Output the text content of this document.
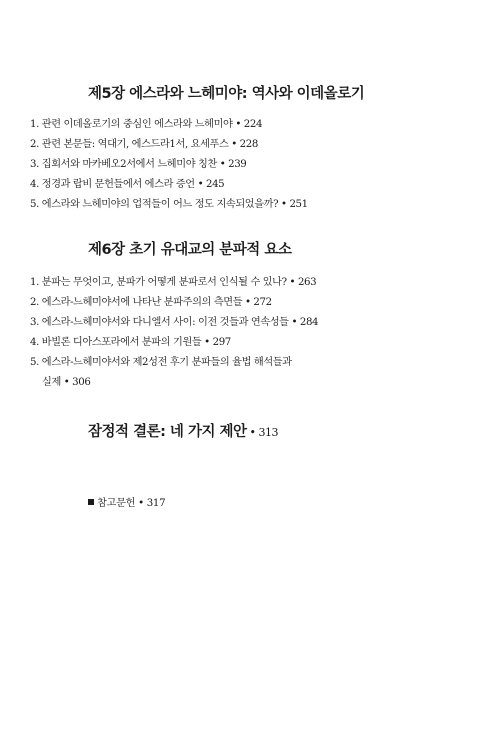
제5장 에스라와 느헤미야: 역사와 이데올로기
1. 관련 이데올로기의 중심인 에스라와 느헤미야 • 224
2. 관련 본문들: 역대기, 에스드라1서, 요세푸스 • 228
3. 집회서와 마카베오2서에서 느헤미야 칭찬 • 239
4. 정경과 랍비 문헌들에서 에스라 증언 • 245
5. 에스라와 느헤미야의 업적들이 어느 정도 지속되었을까? • 251
제6장 초기 유대교의 분파적 요소
1. 분파는 무엇이고, 분파가 어떻게 분파로서 인식될 수 있나? • 263
2. 에스라-느헤미야서에 나타난 분파주의의 측면들 • 272
3. 에스라-느헤미야서와 다니엘서 사이: 이전 것들과 연속성들 • 284
4. 바빌론 디아스포라에서 분파의 기원들 • 297
5. 에스라-느헤미야서와 제2성전 후기 분파들의 율법 해석들과
실제 • 306
잠정적 결론: 네 가지 제안 • 313
참고문헌 • 317
